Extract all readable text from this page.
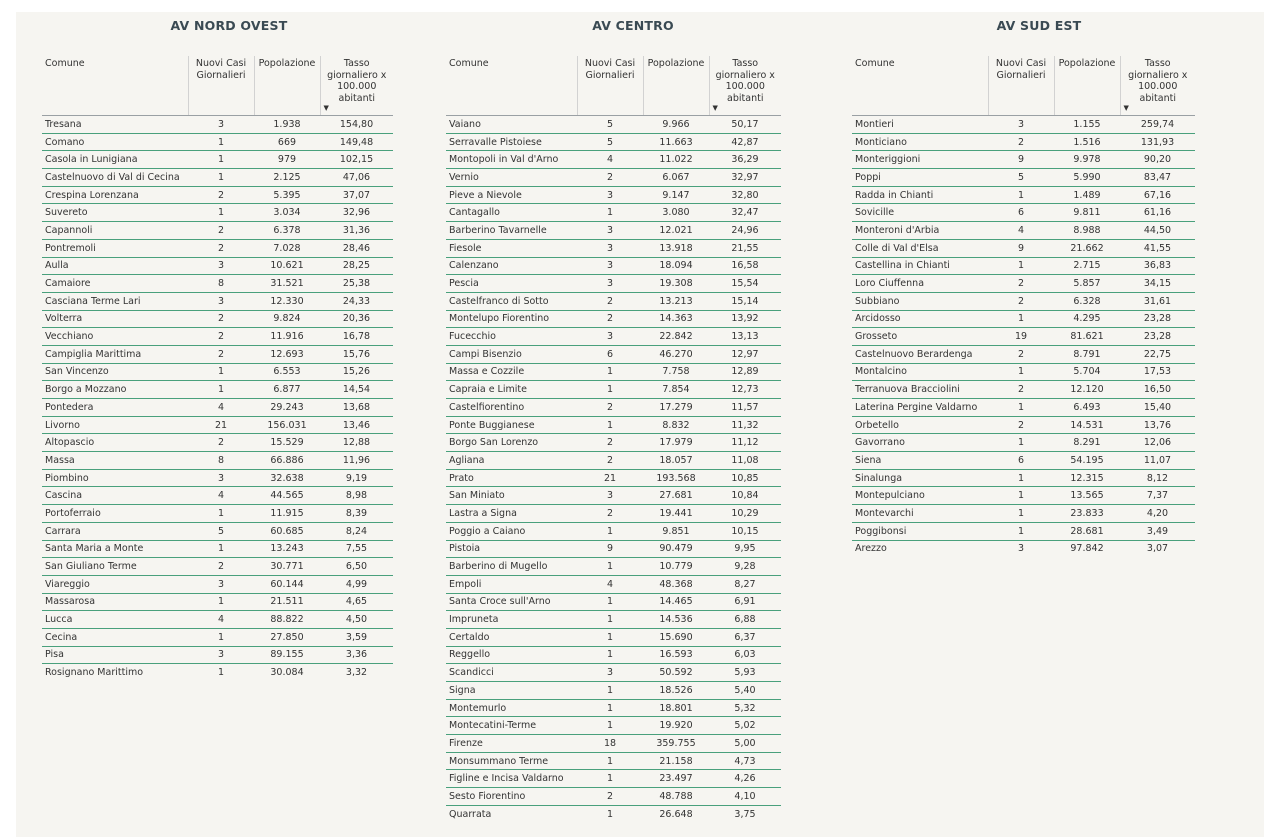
AV NORD OVEST
Comune	Nuovi Casi Giornalieri	Popolazione	Tasso giornaliero x 100.000 abitanti
▼

Tresana	3	1.938	154,80
Comano	1	669	149,48
Casola in Lunigiana	1	979	102,15
Castelnuovo di Val di Cecina	1	2.125	47,06
Crespina Lorenzana	2	5.395	37,07
Suvereto	1	3.034	32,96
Capannoli	2	6.378	31,36
Pontremoli	2	7.028	28,46
Aulla	3	10.621	28,25
Camaiore	8	31.521	25,38
Casciana Terme Lari	3	12.330	24,33
Volterra	2	9.824	20,36
Vecchiano	2	11.916	16,78
Campiglia Marittima	2	12.693	15,76
San Vincenzo	1	6.553	15,26
Borgo a Mozzano	1	6.877	14,54
Pontedera	4	29.243	13,68
Livorno	21	156.031	13,46
Altopascio	2	15.529	12,88
Massa	8	66.886	11,96
Piombino	3	32.638	9,19
Cascina	4	44.565	8,98
Portoferraio	1	11.915	8,39
Carrara	5	60.685	8,24
Santa Maria a Monte	1	13.243	7,55
San Giuliano Terme	2	30.771	6,50
Viareggio	3	60.144	4,99
Massarosa	1	21.511	4,65
Lucca	4	88.822	4,50
Cecina	1	27.850	3,59
Pisa	3	89.155	3,36
Rosignano Marittimo	1	30.084	3,32
AV CENTRO
Comune	Nuovi Casi Giornalieri	Popolazione	Tasso giornaliero x 100.000 abitanti
▼

Vaiano	5	9.966	50,17
Serravalle Pistoiese	5	11.663	42,87
Montopoli in Val d'Arno	4	11.022	36,29
Vernio	2	6.067	32,97
Pieve a Nievole	3	9.147	32,80
Cantagallo	1	3.080	32,47
Barberino Tavarnelle	3	12.021	24,96
Fiesole	3	13.918	21,55
Calenzano	3	18.094	16,58
Pescia	3	19.308	15,54
Castelfranco di Sotto	2	13.213	15,14
Montelupo Fiorentino	2	14.363	13,92
Fucecchio	3	22.842	13,13
Campi Bisenzio	6	46.270	12,97
Massa e Cozzile	1	7.758	12,89
Capraia e Limite	1	7.854	12,73
Castelfiorentino	2	17.279	11,57
Ponte Buggianese	1	8.832	11,32
Borgo San Lorenzo	2	17.979	11,12
Agliana	2	18.057	11,08
Prato	21	193.568	10,85
San Miniato	3	27.681	10,84
Lastra a Signa	2	19.441	10,29
Poggio a Caiano	1	9.851	10,15
Pistoia	9	90.479	9,95
Barberino di Mugello	1	10.779	9,28
Empoli	4	48.368	8,27
Santa Croce sull'Arno	1	14.465	6,91
Impruneta	1	14.536	6,88
Certaldo	1	15.690	6,37
Reggello	1	16.593	6,03
Scandicci	3	50.592	5,93
Signa	1	18.526	5,40
Montemurlo	1	18.801	5,32
Montecatini-Terme	1	19.920	5,02
Firenze	18	359.755	5,00
Monsummano Terme	1	21.158	4,73
Figline e Incisa Valdarno	1	23.497	4,26
Sesto Fiorentino	2	48.788	4,10
Quarrata	1	26.648	3,75
AV SUD EST
Comune	Nuovi Casi Giornalieri	Popolazione	Tasso giornaliero x 100.000 abitanti
▼

Montieri	3	1.155	259,74
Monticiano	2	1.516	131,93
Monteriggioni	9	9.978	90,20
Poppi	5	5.990	83,47
Radda in Chianti	1	1.489	67,16
Sovicille	6	9.811	61,16
Monteroni d'Arbia	4	8.988	44,50
Colle di Val d'Elsa	9	21.662	41,55
Castellina in Chianti	1	2.715	36,83
Loro Ciuffenna	2	5.857	34,15
Subbiano	2	6.328	31,61
Arcidosso	1	4.295	23,28
Grosseto	19	81.621	23,28
Castelnuovo Berardenga	2	8.791	22,75
Montalcino	1	5.704	17,53
Terranuova Bracciolini	2	12.120	16,50
Laterina Pergine Valdarno	1	6.493	15,40
Orbetello	2	14.531	13,76
Gavorrano	1	8.291	12,06
Siena	6	54.195	11,07
Sinalunga	1	12.315	8,12
Montepulciano	1	13.565	7,37
Montevarchi	1	23.833	4,20
Poggibonsi	1	28.681	3,49
Arezzo	3	97.842	3,07
